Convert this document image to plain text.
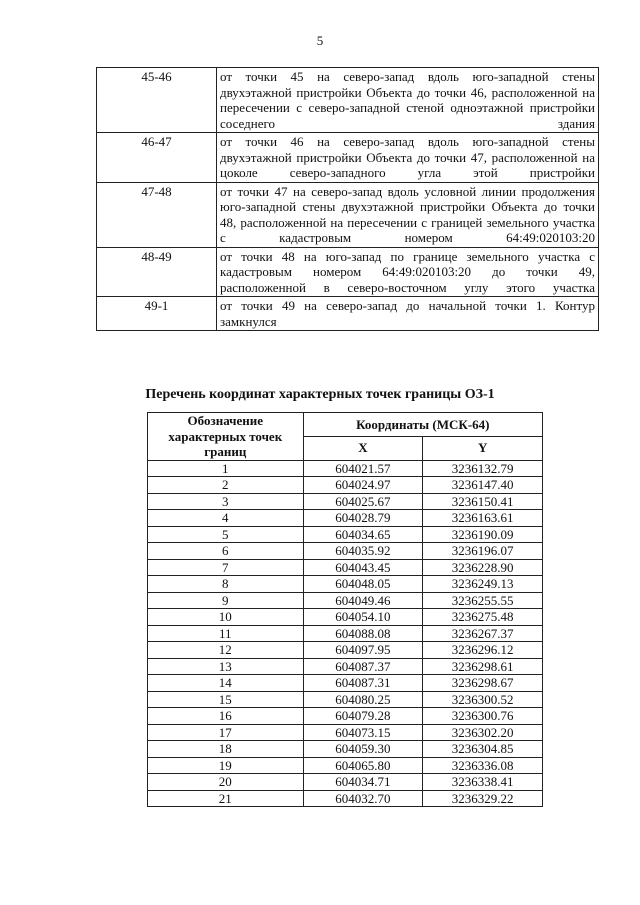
5
45-46	от точки 45 на северо-запад вдоль юго-западной стены двухэтажной пристройки Объекта до точки 46, расположенной на пересечении с северо-западной стеной одноэтажной пристройки соседнего здания
46-47	от точки 46 на северо-запад вдоль юго-западной стены двухэтажной пристройки Объекта до точки 47, расположенной на цоколе северо-западного угла этой пристройки
47-48	от точки 47 на северо-запад вдоль условной линии продолжения юго-западной стены двухэтажной пристройки Объекта до точки 48, расположенной на пересечении с границей земельного участка с кадастровым номером 64:49:020103:20
48-49	от точки 48 на юго-запад по границе земельного участка с кадастровым номером 64:49:020103:20 до точки 49, расположенной в северо-восточном углу этого участка
49-1	от точки 49 на северо-запад до начальной точки 1. Контур замкнулся
Перечень координат характерных точек границы ОЗ-1
Обозначение характерных точек границ	Координаты (МСК-64)	
	X	Y
1	604021.57	3236132.79
2	604024.97	3236147.40
3	604025.67	3236150.41
4	604028.79	3236163.61
5	604034.65	3236190.09
6	604035.92	3236196.07
7	604043.45	3236228.90
8	604048.05	3236249.13
9	604049.46	3236255.55
10	604054.10	3236275.48
11	604088.08	3236267.37
12	604097.95	3236296.12
13	604087.37	3236298.61
14	604087.31	3236298.67
15	604080.25	3236300.52
16	604079.28	3236300.76
17	604073.15	3236302.20
18	604059.30	3236304.85
19	604065.80	3236336.08
20	604034.71	3236338.41
21	604032.70	3236329.22
